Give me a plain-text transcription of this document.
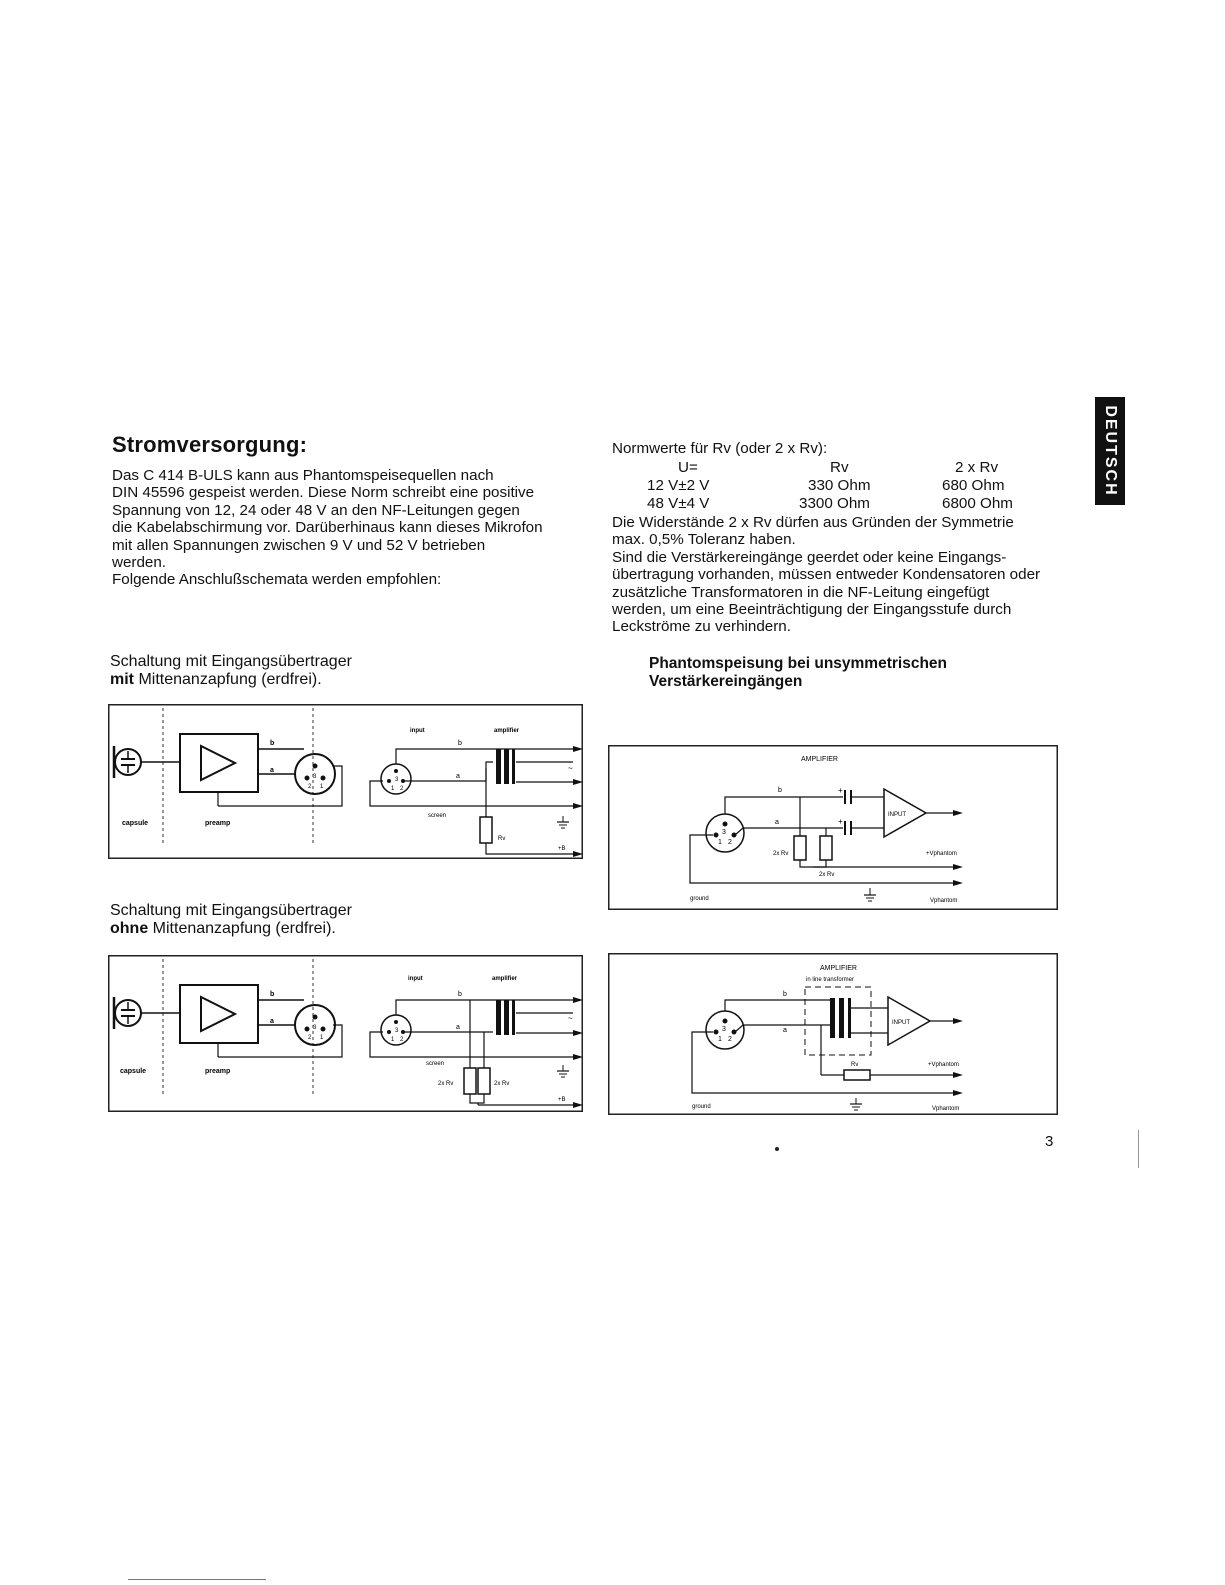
Stromversorgung:
Das C 414 B-ULS kann aus Phantomspeisequellen nach
DIN 45596 gespeist werden. Diese Norm schreibt eine positive
Spannung von 12, 24 oder 48 V an den NF-Leitungen gegen
die Kabelabschirmung vor. Darüberhinaus kann dieses Mikrofon
mit allen Spannungen zwischen 9 V und 52 V betrieben
werden.
Folgende Anschlußschemata werden empfohlen:
Normwerte für Rv (oder 2 x Rv):
U=	Rv	2 x Rv
12 V±2 V	330 Ohm	680 Ohm
48 V±4 V	3300 Ohm	6800 Ohm
Die Widerstände 2 x Rv dürfen aus Gründen der Symmetrie
max. 0,5% Toleranz haben.
Sind die Verstärkereingänge geerdet oder keine Eingangs-
übertragung vorhanden, müssen entweder Kondensatoren oder
zusätzliche Transformatoren in die NF-Leitung eingefügt
werden, um eine Beeinträchtigung der Eingangsstufe durch
Leckströme zu verhindern.
Schaltung mit Eingangsübertrager
mit Mittenanzapfung (erdfrei).
Schaltung mit Eingangsübertrager
ohne Mittenanzapfung (erdfrei).
Phantomspeisung bei unsymmetrischen
Verstärkereingängen
b
a
3
2 1
capsule	preamp
input	amplifier
3
1 2
b
a
~
screen
Rv
+B
b
a
3
2 1
capsule	preamp
input	amplifier
3
1 2
b
a
~
screen
2x Rv	2x Rv
+B
AMPLIFIER
3
1 2
b
a
+
+
INPUT
2x Rv
2x Rv
+Vphantom
ground	Vphantom
AMPLIFIER
in line transformer
3
1 2
b
a
INPUT
Rv	+Vphantom
ground	Vphantom
DEUTSCH
3
